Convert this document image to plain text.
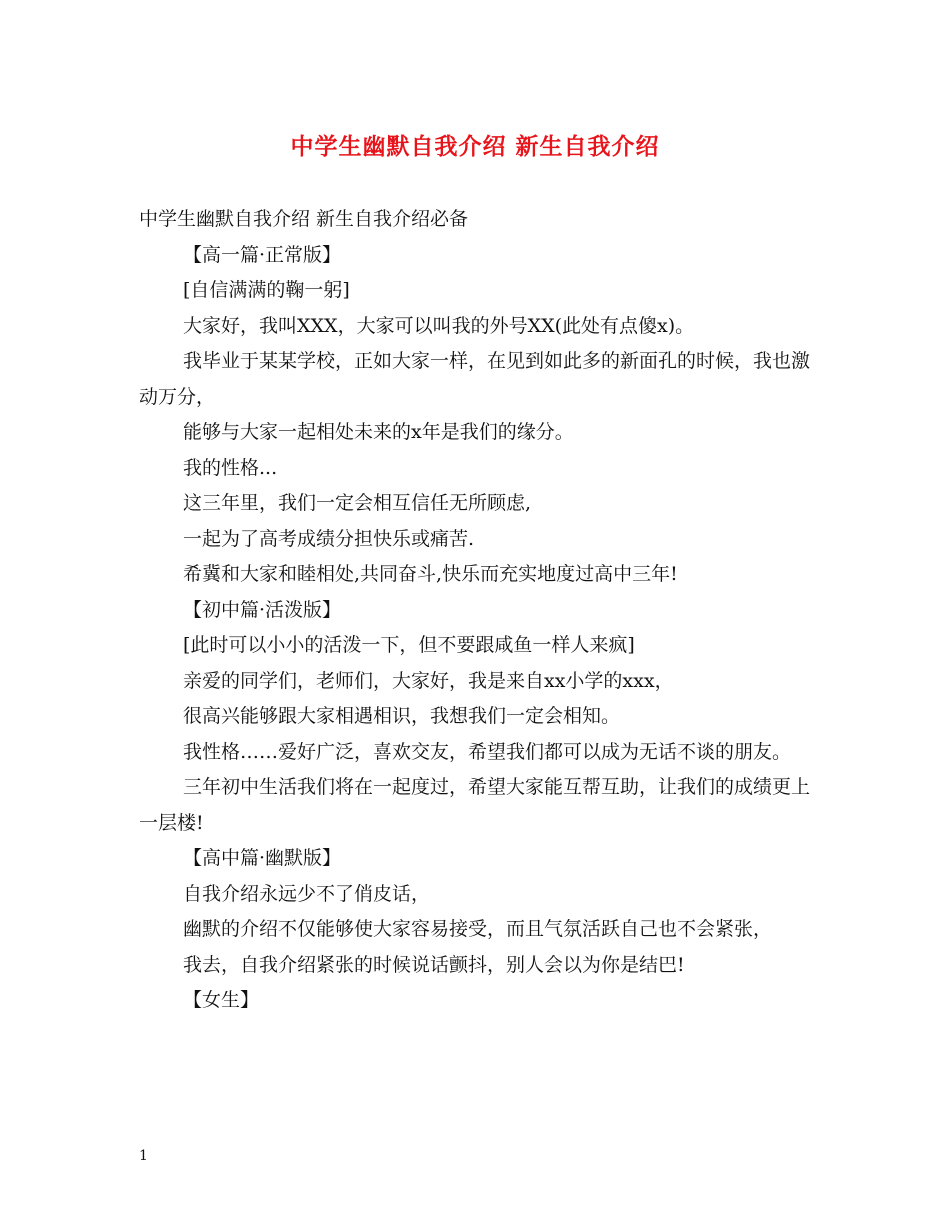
中学生幽默自我介绍 新生自我介绍

中学生幽默自我介绍 新生自我介绍必备

【高一篇·正常版】

[自信满满的鞠一躬]

大家好，我叫XXX，大家可以叫我的外号XX(此处有点傻x)。

我毕业于某某学校，正如大家一样，在见到如此多的新面孔的时候，我也激动万分，

能够与大家一起相处未来的x年是我们的缘分。

我的性格...

这三年里，我们一定会相互信任无所顾虑,

一起为了高考成绩分担快乐或痛苦.

希冀和大家和睦相处,共同奋斗,快乐而充实地度过高中三年!

【初中篇·活泼版】

[此时可以小小的活泼一下，但不要跟咸鱼一样人来疯]

亲爱的同学们，老师们，大家好，我是来自xx小学的xxx，

很高兴能够跟大家相遇相识，我想我们一定会相知。

我性格……爱好广泛，喜欢交友，希望我们都可以成为无话不谈的朋友。

三年初中生活我们将在一起度过，希望大家能互帮互助，让我们的成绩更上一层楼!

【高中篇·幽默版】

自我介绍永远少不了俏皮话，

幽默的介绍不仅能够使大家容易接受，而且气氛活跃自己也不会紧张，

我去，自我介绍紧张的时候说话颤抖，别人会以为你是结巴!

【女生】

1
